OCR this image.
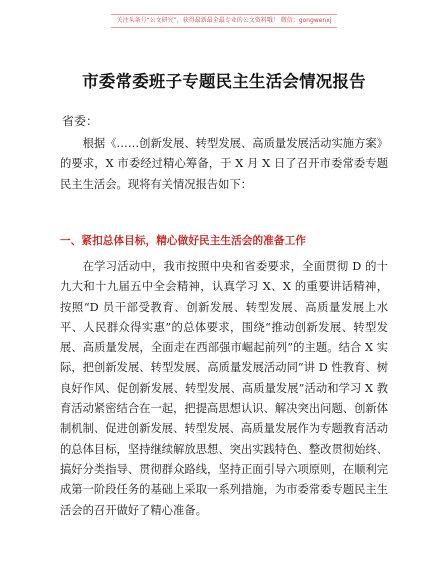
关注头条号“公文研究”，获得最新最全最专业的公文资料哦！ 微信：gongwenxj
市委常委班子专题民主生活会情况报告
省委：

根据《……创新发展、转型发展、高质量发展活动实施方案》的要求，X 市委经过精心筹备，于 X 月 X 日了召开市委常委专题民主生活会。现将有关情况报告如下：

一、紧扣总体目标，精心做好民主生活会的准备工作

在学习活动中，我市按照中央和省委要求，全面贯彻 D 的十九大和十九届五中全会精神，认真学习 X、X 的重要讲话精神，按照“D 员干部受教育、创新发展、转型发展、高质量发展上水平、人民群众得实惠”的总体要求，围绕“推动创新发展、转型发展、高质量发展，全面走在西部强市崛起前列”的主题。结合 X 实际，把创新发展、转型发展、高质量发展活动同“讲 D 性教育、树良好作风、促创新发展、转型发展、高质量发展”活动和学习 X 教育活动紧密结合在一起，把提高思想认识、解决突出问题、创新体制机制、促进创新发展、转型发展、高质量发展作为专题教育活动的总体目标，坚持继续解放思想、突出实践特色、整改贯彻始终、搞好分类指导、贯彻群众路线，坚持正面引导六项原则，在顺利完成第一阶段任务的基础上采取一系列措施，为市委常委专题民主生活会的召开做好了精心准备。
